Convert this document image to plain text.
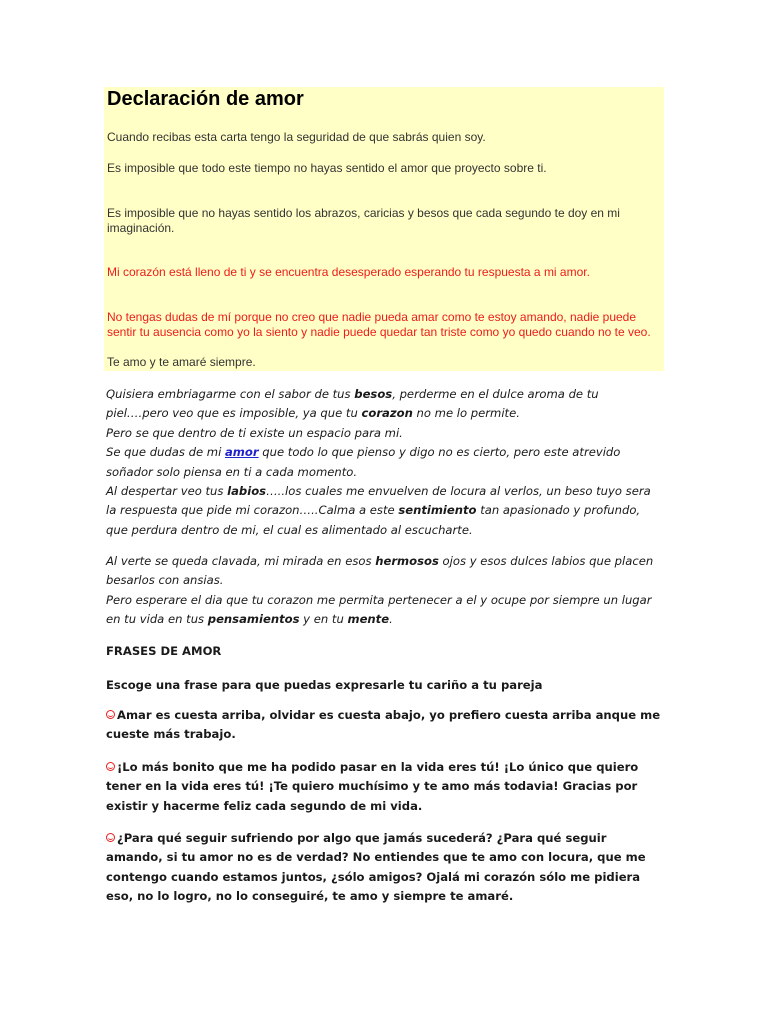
Declaración de amor

Cuando recibas esta carta tengo la seguridad de que sabrás quien soy.

Es imposible que todo este tiempo no hayas sentido el amor que proyecto sobre ti.

Es imposible que no hayas sentido los abrazos, caricias y besos que cada segundo te doy en mi imaginación.

Mi corazón está lleno de ti y se encuentra desesperado esperando tu respuesta a mi amor.

No tengas dudas de mí porque no creo que nadie pueda amar como te estoy amando, nadie puede sentir tu ausencia como yo la siento y nadie puede quedar tan triste como yo quedo cuando no te veo.

Te amo y te amaré siempre.

Quisiera embriagarme con el sabor de tus besos, perderme en el dulce aroma de tu piel….pero veo que es imposible, ya que tu corazon no me lo permite.
Pero se que dentro de ti existe un espacio para mi.
Se que dudas de mi amor que todo lo que pienso y digo no es cierto, pero este atrevido soñador solo piensa en ti a cada momento.
Al despertar veo tus labios…..los cuales me envuelven de locura al verlos, un beso tuyo sera la respuesta que pide mi corazon…..Calma a este sentimiento tan apasionado y profundo, que perdura dentro de mi, el cual es alimentado al escucharte.
Al verte se queda clavada, mi mirada en esos hermosos ojos y esos dulces labios que placen besarlos con ansias.
Pero esperare el dia que tu corazon me permita pertenecer a el y ocupe por siempre un lugar en tu vida en tus pensamientos y en tu mente.
FRASES DE AMOR
Escoge una frase para que puedas expresarle tu cariño a tu pareja
Amar es cuesta arriba, olvidar es cuesta abajo, yo prefiero cuesta arriba anque me cueste más trabajo.
¡Lo más bonito que me ha podido pasar en la vida eres tú! ¡Lo único que quiero tener en la vida eres tú! ¡Te quiero muchísimo y te amo más todavia! Gracias por existir y hacerme feliz cada segundo de mi vida.
¿Para qué seguir sufriendo por algo que jamás sucederá? ¿Para qué seguir amando, si tu amor no es de verdad? No entiendes que te amo con locura, que me contengo cuando estamos juntos, ¿sólo amigos? Ojalá mi corazón sólo me pidiera eso, no lo logro, no lo conseguiré, te amo y siempre te amaré.
